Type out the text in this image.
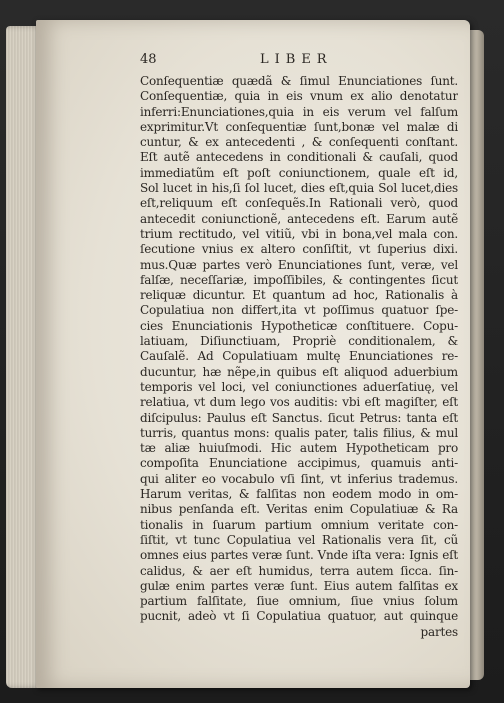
48	LIBER
Conſequentiæ quædã & ſimul Enunciationes ſunt.
Conſequentiæ, quia in eis vnum ex alio denotatur
inferri:Enunciationes,quia in eis verum vel falſum
exprimitur.Vt conſequentiæ ſunt,bonæ vel malæ di
cuntur, & ex antecedenti , & conſequenti conſtant.
Eſt autẽ antecedens in conditionali & cauſali, quod
immediatũm eſt poſt coniunctionem, quale eſt id,
Sol lucet in his,ſi ſol lucet, dies eſt,quia Sol lucet,dies
eſt,reliquum eſt conſequẽs.In Rationali verò, quod
antecedit coniunctionẽ, antecedens eſt. Earum autẽ
trium rectitudo, vel vitiũ, vbi in bona,vel mala con.
ſecutione vnius ex altero conſiſtit, vt ſuperius dixi.
mus.Quæ partes verò Enunciationes ſunt, veræ, vel
falſæ, neceſſariæ, impoſſibiles, & contingentes ſicut
reliquæ dicuntur. Et quantum ad hoc, Rationalis à
Copulatiua non differt,ita vt poſſimus quatuor ſpe-
cies Enunciationis Hypotheticæ conſtituere. Copu-
latiuam, Diſiunctiuam, Propriè conditionalem, &
Cauſalẽ. Ad Copulatiuam multę Enunciationes re-
ducuntur, hæ nẽpe,in quibus eſt aliquod aduerbium
temporis vel loci, vel coniunctiones aduerſatiuę, vel
relatiua, vt dum lego vos auditis: vbi eſt magiſter, eſt
diſcipulus: Paulus eſt Sanctus. ſicut Petrus: tanta eſt
turris, quantus mons: qualis pater, talis filius, & mul
tæ aliæ huiuſmodi. Hic autem Hypotheticam pro
compoſita Enunciatione accipimus, quamuis anti-
qui aliter eo vocabulo vſi ſint, vt inferius trademus.
Harum veritas, & falſitas non eodem modo in om-
nibus penſanda eſt. Veritas enim Copulatiuæ & Ra
tionalis in ſuarum partium omnium veritate con-
ſiſtit, vt tunc Copulatiua vel Rationalis vera ſit, cũ
omnes eius partes veræ ſunt. Vnde iſta vera: Ignis eſt
calidus, & aer eſt humidus, terra autem ſicca. ſin-
gulæ enim partes veræ ſunt. Eius autem falſitas ex
partium falſitate, ſiue omnium, ſiue vnius ſolum
pucnit, adeò vt ſi Copulatiua quatuor, aut quinque
partes
